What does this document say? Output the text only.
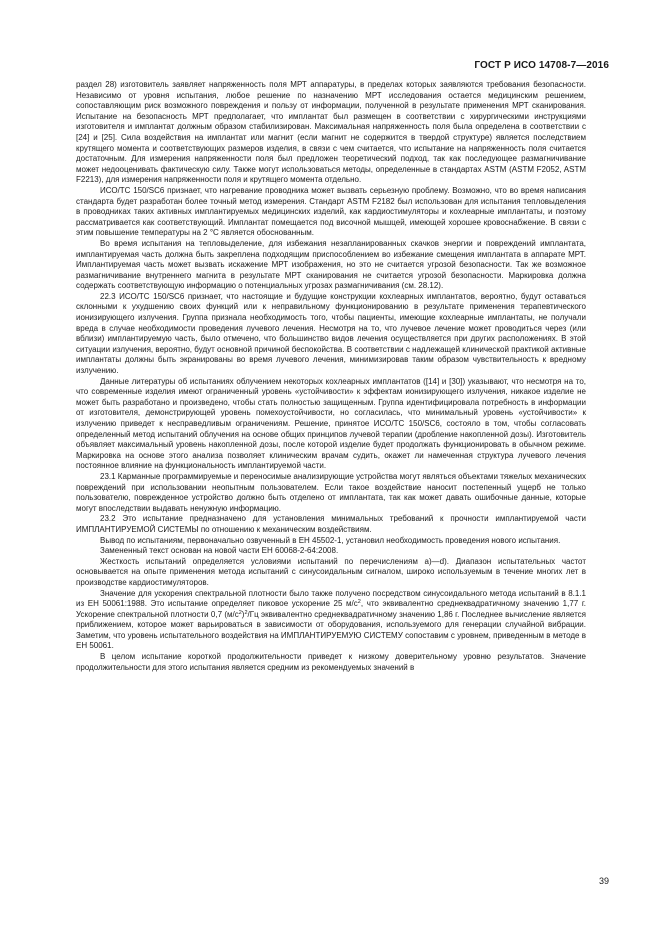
ГОСТ Р ИСО 14708-7—2016

раздел 28) изготовитель заявляет напряженность поля МРТ аппаратуры, в пределах которых заявляются требования безопасности. Независимо от уровня испытания, любое решение по назначению МРТ исследования остается медицинским решением, сопоставляющим риск возможного повреждения и пользу от информации, полученной в результате применения МРТ сканирования. Испытание на безопасность МРТ предполагает, что имплантат был размещен в соответствии с хирургическими инструкциями изготовителя и имплантат должным образом стабилизирован. Максимальная напряженность поля была определена в соответствии с [24] и [25]. Сила воздействия на имплантат или магнит (если магнит не содержится в твердой структуре) является последствием крутящего момента и соответствующих размеров изделия, в связи с чем считается, что испытание на напряженность поля считается достаточным. Для измерения напряженности поля был предложен теоретический подход, так как последующее размагничивание может недооценивать фактическую силу. Также могут использоваться методы, определенные в стандартах ASTM (ASTM F2052, ASTM F2213), для измерения напряженности поля и крутящего момента отдельно.

ИСО/ТС 150/SC6 признает, что нагревание проводника может вызвать серьезную проблему. Возможно, что во время написания стандарта будет разработан более точный метод измерения. Стандарт ASTM F2182 был использован для испытания тепловыделения в проводниках таких активных имплантируемых медицинских изделий, как кардиостимуляторы и кохлеарные имплантаты, и поэтому рассматривается как соответствующий. Имплантат помещается под височной мышцей, имеющей хорошее кровоснабжение. В связи с этим повышение температуры на 2 °С является обоснованным.

Во время испытания на тепловыделение, для избежания незапланированных скачков энергии и повреждений имплантата, имплантируемая часть должна быть закреплена подходящим приспособлением во избежание смещения имплантата в аппарате МРТ. Имплантируемая часть может вызвать искажение МРТ изображения, но это не считается угрозой безопасности. Так же возможное размагничивание внутреннего магнита в результате МРТ сканирования не считается угрозой безопасности. Маркировка должна содержать соответствующую информацию о потенциальных угрозах размагничивания (см. 28.12).

22.3 ИСО/ТС 150/SC6 признает, что настоящие и будущие конструкции кохлеарных имплантатов, вероятно, будут оставаться склонными к ухудшению своих функций или к неправильному функционированию в результате применения терапевтического ионизирующего излучения. Группа признала необходимость того, чтобы пациенты, имеющие кохлеарные имплантаты, не получали вреда в случае необходимости проведения лучевого лечения. Несмотря на то, что лучевое лечение может проводиться через (или вблизи) имплантируемую часть, было отмечено, что большинство видов лечения осуществляется при других расположениях. В этой ситуации излучения, вероятно, будут основной причиной беспокойства. В соответствии с надлежащей клинической практикой активные имплантаты должны быть экранированы во время лучевого лечения, минимизировав таким образом чувствительность к вредному излучению.

Данные литературы об испытаниях облучением некоторых кохлеарных имплантатов ([14] и [30]) указывают, что несмотря на то, что современные изделия имеют ограниченный уровень «устойчивости» к эффектам ионизирующего излучения, никакое изделие не может быть разработано и произведено, чтобы стать полностью защищенным. Группа идентифицировала потребность в информации от изготовителя, демонстрирующей уровень помехоустойчивости, но согласилась, что минимальный уровень «устойчивости» к излучению приведет к несправедливым ограничениям. Решение, принятое ИСО/ТС 150/SC6, состояло в том, чтобы согласовать определенный метод испытаний облучения на основе общих принципов лучевой терапии (дробление накопленной дозы). Изготовитель объявляет максимальный уровень накопленной дозы, после которой изделие будет продолжать функционировать в обычном режиме. Маркировка на основе этого анализа позволяет клиническим врачам судить, окажет ли намеченная структура лучевого лечения постоянное влияние на функциональность имплантируемой части.

23.1 Карманные программируемые и переносимые анализирующие устройства могут являться объектами тяжелых механических повреждений при использовании неопытным пользователем. Если такое воздействие наносит постепенный ущерб не только пользователю, поврежденное устройство должно быть отделено от имплантата, так как может давать ошибочные данные, которые могут впоследствии выдавать ненужную информацию.

23.2 Это испытание предназначено для установления минимальных требований к прочности имплантируемой части ИМПЛАНТИРУЕМОЙ СИСТЕМЫ по отношению к механическим воздействиям.

Вывод по испытаниям, первоначально озвученный в ЕН 45502-1, установил необходимость проведения нового испытания.

Замененный текст основан на новой части ЕН 60068-2-64:2008.

Жесткость испытаний определяется условиями испытаний по перечислениям а)—d). Диапазон испытательных частот основывается на опыте применения метода испытаний с синусоидальным сигналом, широко используемым в течение многих лет в производстве кардиостимуляторов.

Значение для ускорения спектральной плотности было также получено посредством синусоидального метода испытаний в 8.1.1 из ЕН 50061:1988. Это испытание определяет пиковое ускорение 25 $м/с^2$, что эквивалентно среднеквадратичному значению 1,77 г. Ускорение спектральной плотности 0,7 $(м/с^2)^2/Гц$ эквивалентно среднеквадратичному значению 1,86 г. Последнее вычисление является приближением, которое может варьироваться в зависимости от оборудования, используемого для генерации случайной вибрации. Заметим, что уровень испытательного воздействия на ИМПЛАНТИРУЕМУЮ СИСТЕМУ сопоставим с уровнем, приведенным в методе в ЕН 50061.

В целом испытание короткой продолжительности приведет к низкому доверительному уровню результатов. Значение продолжительности для этого испытания является средним из рекомендуемых значений в

39
